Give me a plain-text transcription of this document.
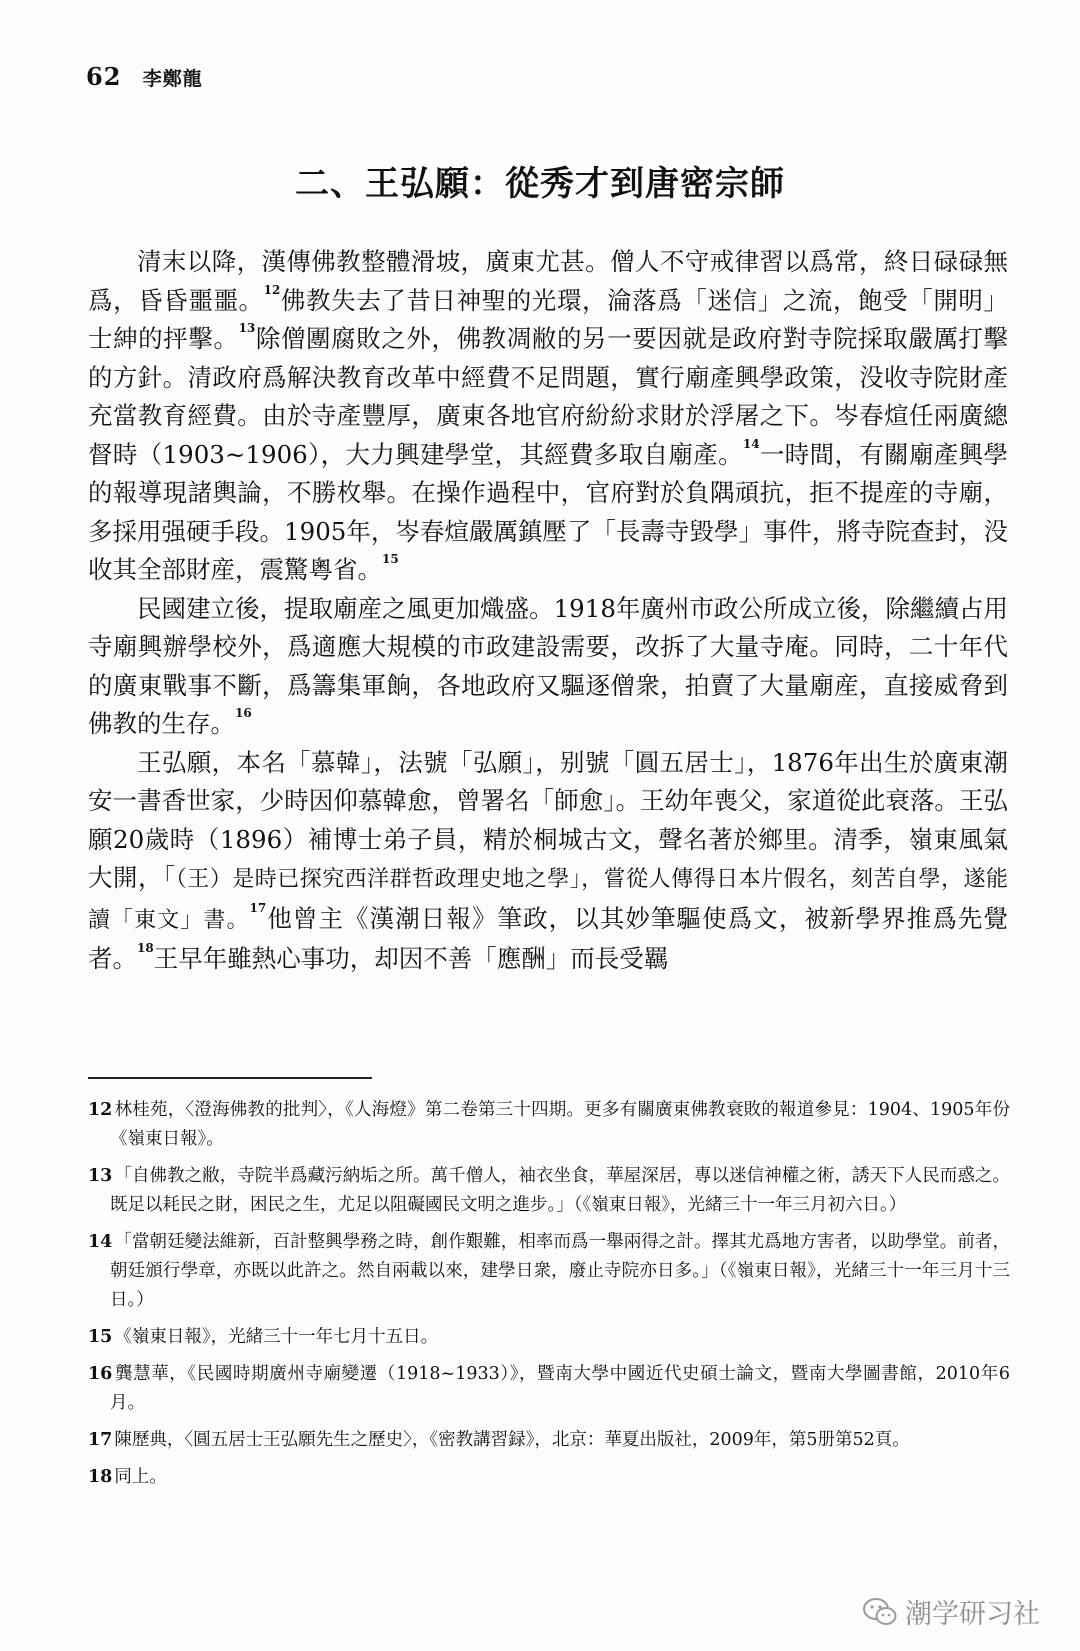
62 李鄭龍
二、王弘願：從秀才到唐密宗師

清末以降，漢傳佛教整體滑坡，廣東尤甚。僧人不守戒律習以爲常，終日碌碌無爲，昏昏噩噩。$^{12}$佛教失去了昔日神聖的光環，淪落爲「迷信」之流，飽受「開明」士紳的抨擊。$^{13}$除僧團腐敗之外，佛教凋敝的另一要因就是政府對寺院採取嚴厲打擊的方針。清政府爲解決教育改革中經費不足問題，實行廟產興學政策，没收寺院財產充當教育經費。由於寺產豐厚，廣東各地官府紛紛求財於浮屠之下。岑春煊任兩廣總督時（1903~1906），大力興建學堂，其經費多取自廟產。$^{14}$一時間，有關廟產興學的報導現諸輿論，不勝枚舉。在操作過程中，官府對於負隅頑抗，拒不提産的寺廟，多採用强硬手段。1905年，岑春煊嚴厲鎮壓了「長壽寺毀學」事件，將寺院查封，没收其全部財産，震驚粵省。$^{15}$

民國建立後，提取廟産之風更加熾盛。1918年廣州市政公所成立後，除繼續占用寺廟興辦學校外，爲適應大規模的市政建設需要，改拆了大量寺庵。同時，二十年代的廣東戰事不斷，爲籌集軍餉，各地政府又驅逐僧衆，拍賣了大量廟産，直接威脅到佛教的生存。$^{16}$

王弘願，本名「慕韓」，法號「弘願」，别號「圓五居士」，1876年出生於廣東潮安一書香世家，少時因仰慕韓愈，曾署名「師愈」。王幼年喪父，家道從此衰落。王弘願20歲時（1896）補博士弟子員，精於桐城古文，聲名著於鄉里。清季，嶺東風氣大開，「（王）是時已探究西洋群哲政理史地之學」，嘗從人傳得日本片假名，刻苦自學，遂能讀「東文」書。$^{17}$他曾主《漢潮日報》筆政，以其妙筆驅使爲文，被新學界推爲先覺者。$^{18}$王早年雖熱心事功，却因不善「應酬」而長受羈

12 林桂苑，〈澄海佛教的批判〉，《人海燈》第二卷第三十四期。更多有關廣東佛教衰敗的報道參見：1904、1905年份《嶺東日報》。

13 「自佛教之敝，寺院半爲藏污納垢之所。萬千僧人，袖衣坐食，華屋深居，專以迷信神權之術，誘天下人民而惑之。既足以耗民之財，困民之生，尤足以阻礙國民文明之進步。」（《嶺東日報》，光緒三十一年三月初六日。）

14 「當朝廷變法維新，百計整興學務之時，創作艱難，相率而爲一舉兩得之計。擇其尤爲地方害者，以助學堂。前者，朝廷頒行學章，亦既以此許之。然自兩載以來，建學日衆，廢止寺院亦日多。」（《嶺東日報》，光緒三十一年三月十三日。）

15 《嶺東日報》，光緒三十一年七月十五日。

16 龔慧華，《民國時期廣州寺廟變遷（1918~1933）》，暨南大學中國近代史碩士論文，暨南大學圖書館，2010年6月。

17 陳歷典，〈圓五居士王弘願先生之歷史〉，《密教講習録》，北京：華夏出版社，2009年，第5册第52頁。

18 同上。

潮学研习社
